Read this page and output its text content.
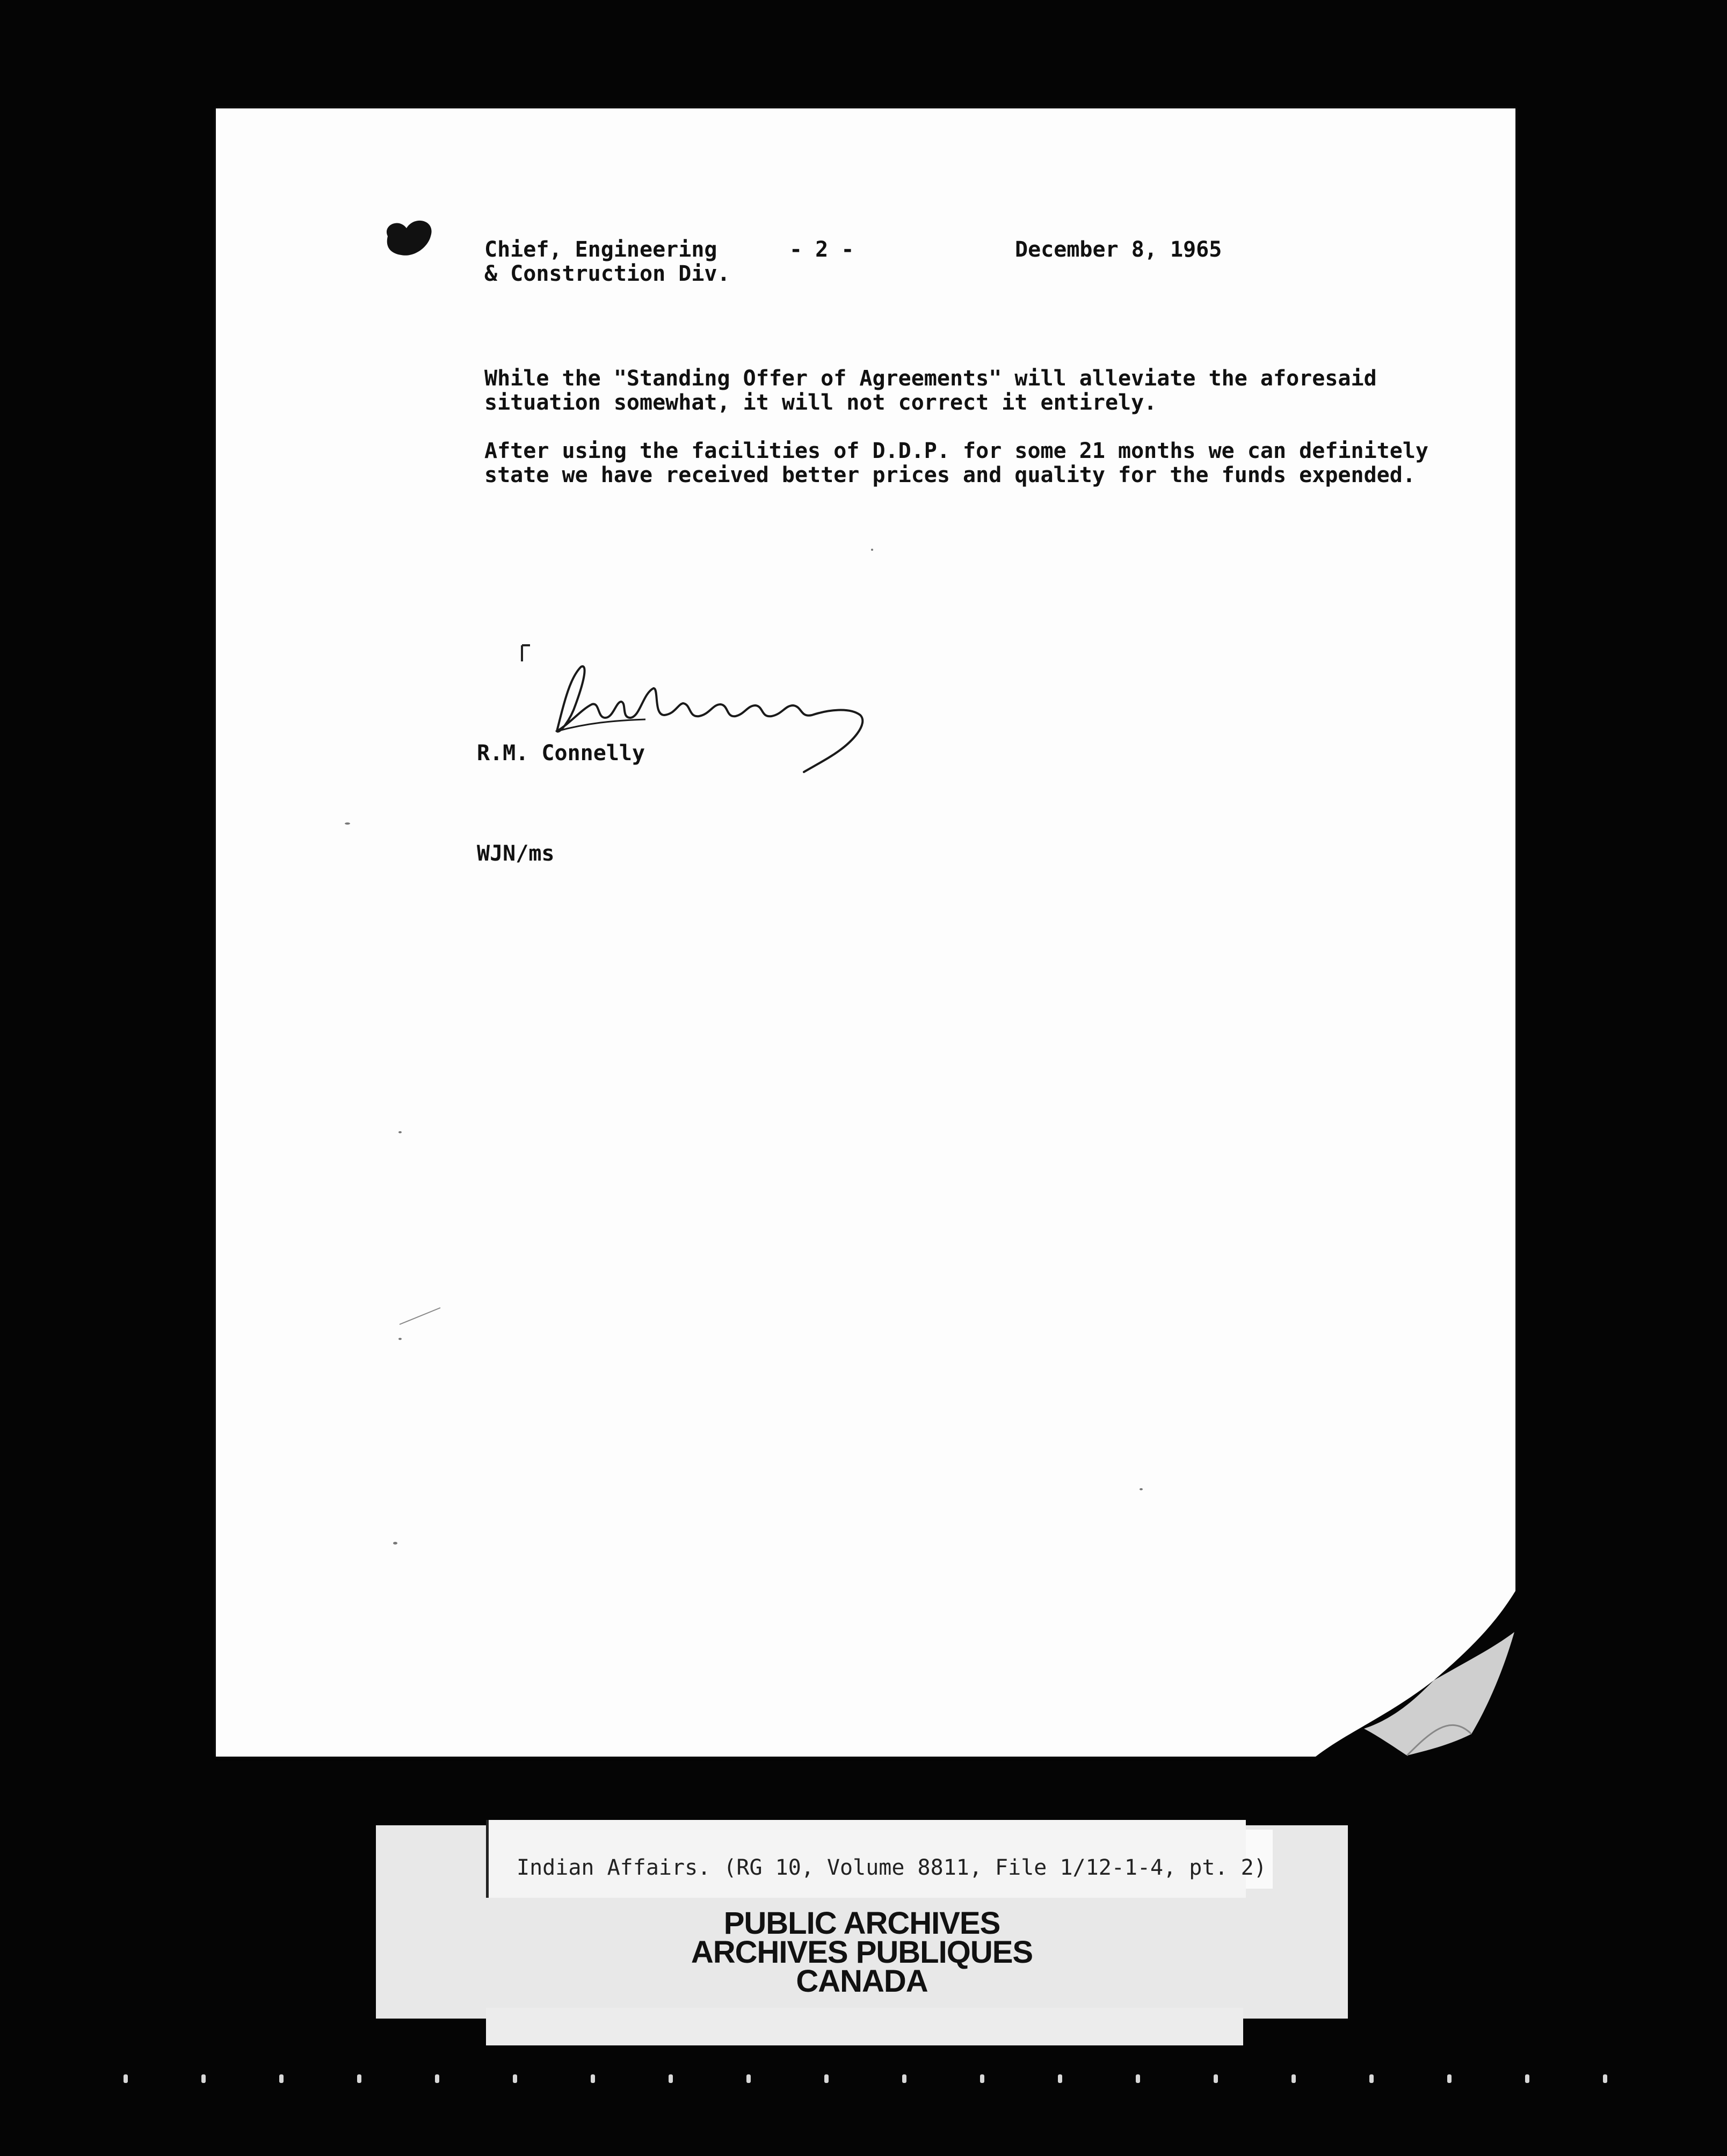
Chief, Engineering
& Construction Div.
- 2 -	December 8, 1965
While the "Standing Offer of Agreements" will alleviate the aforesaid
situation somewhat, it will not correct it entirely.
After using the facilities of D.D.P. for some 21 months we can definitely
state we have received better prices and quality for the funds expended.
R.M. Connelly
WJN/ms
Indian Affairs. (RG 10, Volume 8811, File 1/12-1-4, pt. 2)
PUBLIC ARCHIVES
ARCHIVES PUBLIQUES
CANADA
